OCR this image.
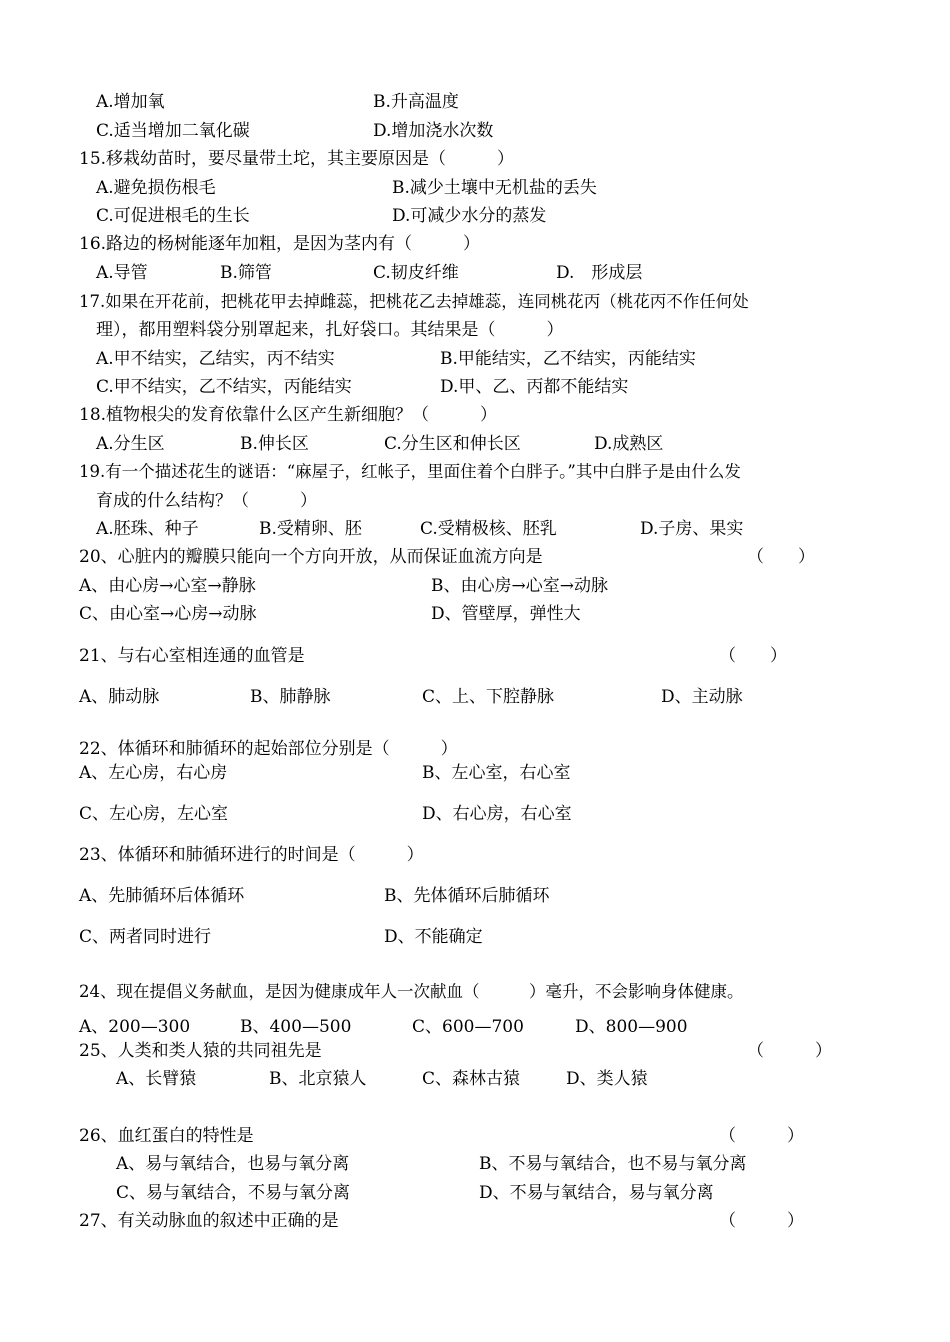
A.增加氧	B.升高温度
C.适当增加二氧化碳	D.增加浇水次数
15.移栽幼苗时，要尽量带土坨，其主要原因是（　　　）
A.避免损伤根毛	B.减少土壤中无机盐的丢失
C.可促进根毛的生长	D.可减少水分的蒸发
16.路边的杨树能逐年加粗，是因为茎内有（　　　）
A.导管	B.筛管	C.韧皮纤维	D.　形成层
17.如果在开花前，把桃花甲去掉雌蕊，把桃花乙去掉雄蕊，连同桃花丙（桃花丙不作任何处
理），都用塑料袋分别罩起来，扎好袋口。其结果是（　　　）
A.甲不结实，乙结实，丙不结实	B.甲能结实，乙不结实，丙能结实
C.甲不结实，乙不结实，丙能结实	D.甲、乙、丙都不能结实
18.植物根尖的发育依靠什么区产生新细胞？（　　　）
A.分生区	B.伸长区	C.分生区和伸长区	D.成熟区
19.有一个描述花生的谜语：“麻屋子，红帐子，里面住着个白胖子。”其中白胖子是由什么发
育成的什么结构？（　　　）
A.胚珠、种子	B.受精卵、胚	C.受精极核、胚乳	D.子房、果实
20、心脏内的瓣膜只能向一个方向开放，从而保证血流方向是	（　　）
A、由心房→心室→静脉	B、由心房→心室→动脉
C、由心室→心房→动脉	D、管壁厚，弹性大
21、与右心室相连通的血管是	（　　）
A、肺动脉	B、肺静脉	C、上、下腔静脉	D、主动脉
22、体循环和肺循环的起始部位分别是（　　　）
A、左心房，右心房	B、左心室，右心室
C、左心房，左心室	D、右心房，右心室
23、体循环和肺循环进行的时间是（　　　）
A、先肺循环后体循环	B、先体循环后肺循环
C、两者同时进行	D、不能确定
24、现在提倡义务献血，是因为健康成年人一次献血（　　　）毫升，不会影响身体健康。
A、200—300	B、400—500	C、600—700	D、800—900
25、人类和类人猿的共同祖先是	（　　　）
A、长臂猿	B、北京猿人	C、森林古猿	D、类人猿
26、血红蛋白的特性是	（　　　）
A、易与氧结合，也易与氧分离	B、不易与氧结合，也不易与氧分离
C、易与氧结合，不易与氧分离	D、不易与氧结合，易与氧分离
27、有关动脉血的叙述中正确的是	（　　　）
